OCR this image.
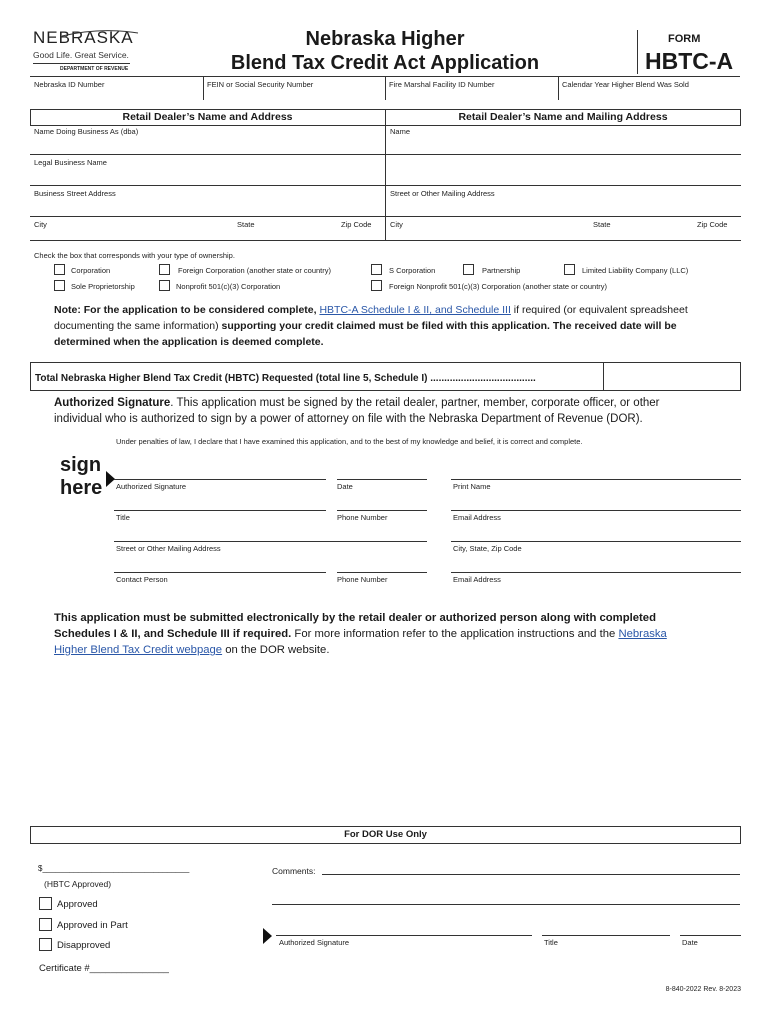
NEBRASKA
Good Life. Great Service.
DEPARTMENT OF REVENUE
Nebraska Higher
Blend Tax Credit Act Application
FORM
HBTC-A
Nebraska ID Number	FEIN or Social Security Number	Fire Marshal Facility ID Number	Calendar Year Higher Blend Was Sold
Retail Dealer’s Name and Address	Retail Dealer’s Name and Mailing Address
Name Doing Business As (dba)	Name
Legal Business Name
Business Street Address	Street or Other Mailing Address
City	State	Zip Code City	State	Zip Code
Check the box that corresponds with your type of ownership.
Corporation	Foreign Corporation (another state or country)	S Corporation	Partnership	Limited Liability Company (LLC)
Sole Proprietorship	Nonprofit 501(c)(3) Corporation	Foreign Nonprofit 501(c)(3) Corporation (another state or country)
Note: For the application to be considered complete, HBTC-A Schedule I & II, and Schedule III if required (or equivalent spreadsheet
documenting the same information) supporting your credit claimed must be filed with this application. The received date will be
determined when the application is deemed complete.
Total Nebraska Higher Blend Tax Credit (HBTC) Requested (total line 5, Schedule I) ......................................
Authorized Signature. This application must be signed by the retail dealer, partner, member, corporate officer, or other
individual who is authorized to sign by a power of attorney on file with the Nebraska Department of Revenue (DOR).
Under penalties of law, I declare that I have examined this application, and to the best of my knowledge and belief, it is correct and complete.
sign
here Authorized Signature	Date	Print Name
Title	Phone Number	Email Address
Street or Other Mailing Address	City, State, Zip Code
Contact Person	Phone Number	Email Address
This application must be submitted electronically by the retail dealer or authorized person along with completed
Schedules I & II, and Schedule III if required. For more information refer to the application instructions and the Nebraska
Higher Blend Tax Credit webpage on the DOR website.
For DOR Use Only
$_________________________________
(HBTC Approved)
Comments:
Approved
Approved in Part
Disapproved
Certificate #_______________
Authorized Signature	Title	Date
8-840-2022 Rev. 8-2023
